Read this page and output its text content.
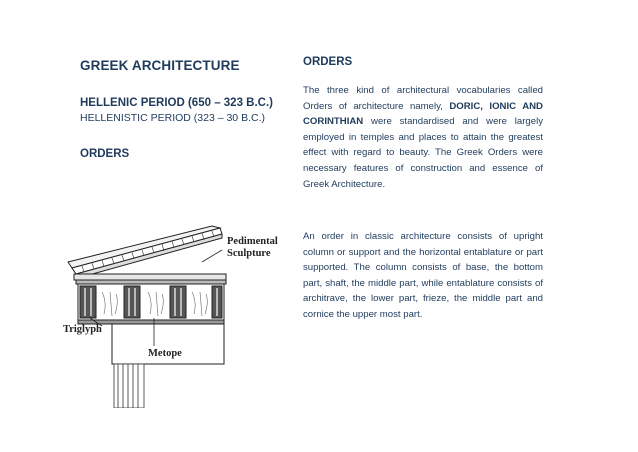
GREEK ARCHITECTURE
HELLENIC PERIOD (650 – 323 B.C.)
HELLENISTIC PERIOD (323 – 30 B.C.)
ORDERS
ORDERS

The three kind of architectural vocabularies called Orders of architecture namely, DORIC, IONIC AND CORINTHIAN were standardised and were largely employed in temples and places to attain the greatest effect with regard to beauty. The Greek Orders were necessary features of construction and essence of Greek Architecture.

An order in classic architecture consists of upright column or support and the horizontal entablature or part supported. The column consists of base, the bottom part, shaft, the middle part, while entablature consists of architrave, the lower part, frieze, the middle part and cornice the upper most part.

Pedimental
Sculpture
Triglyph
Metope
